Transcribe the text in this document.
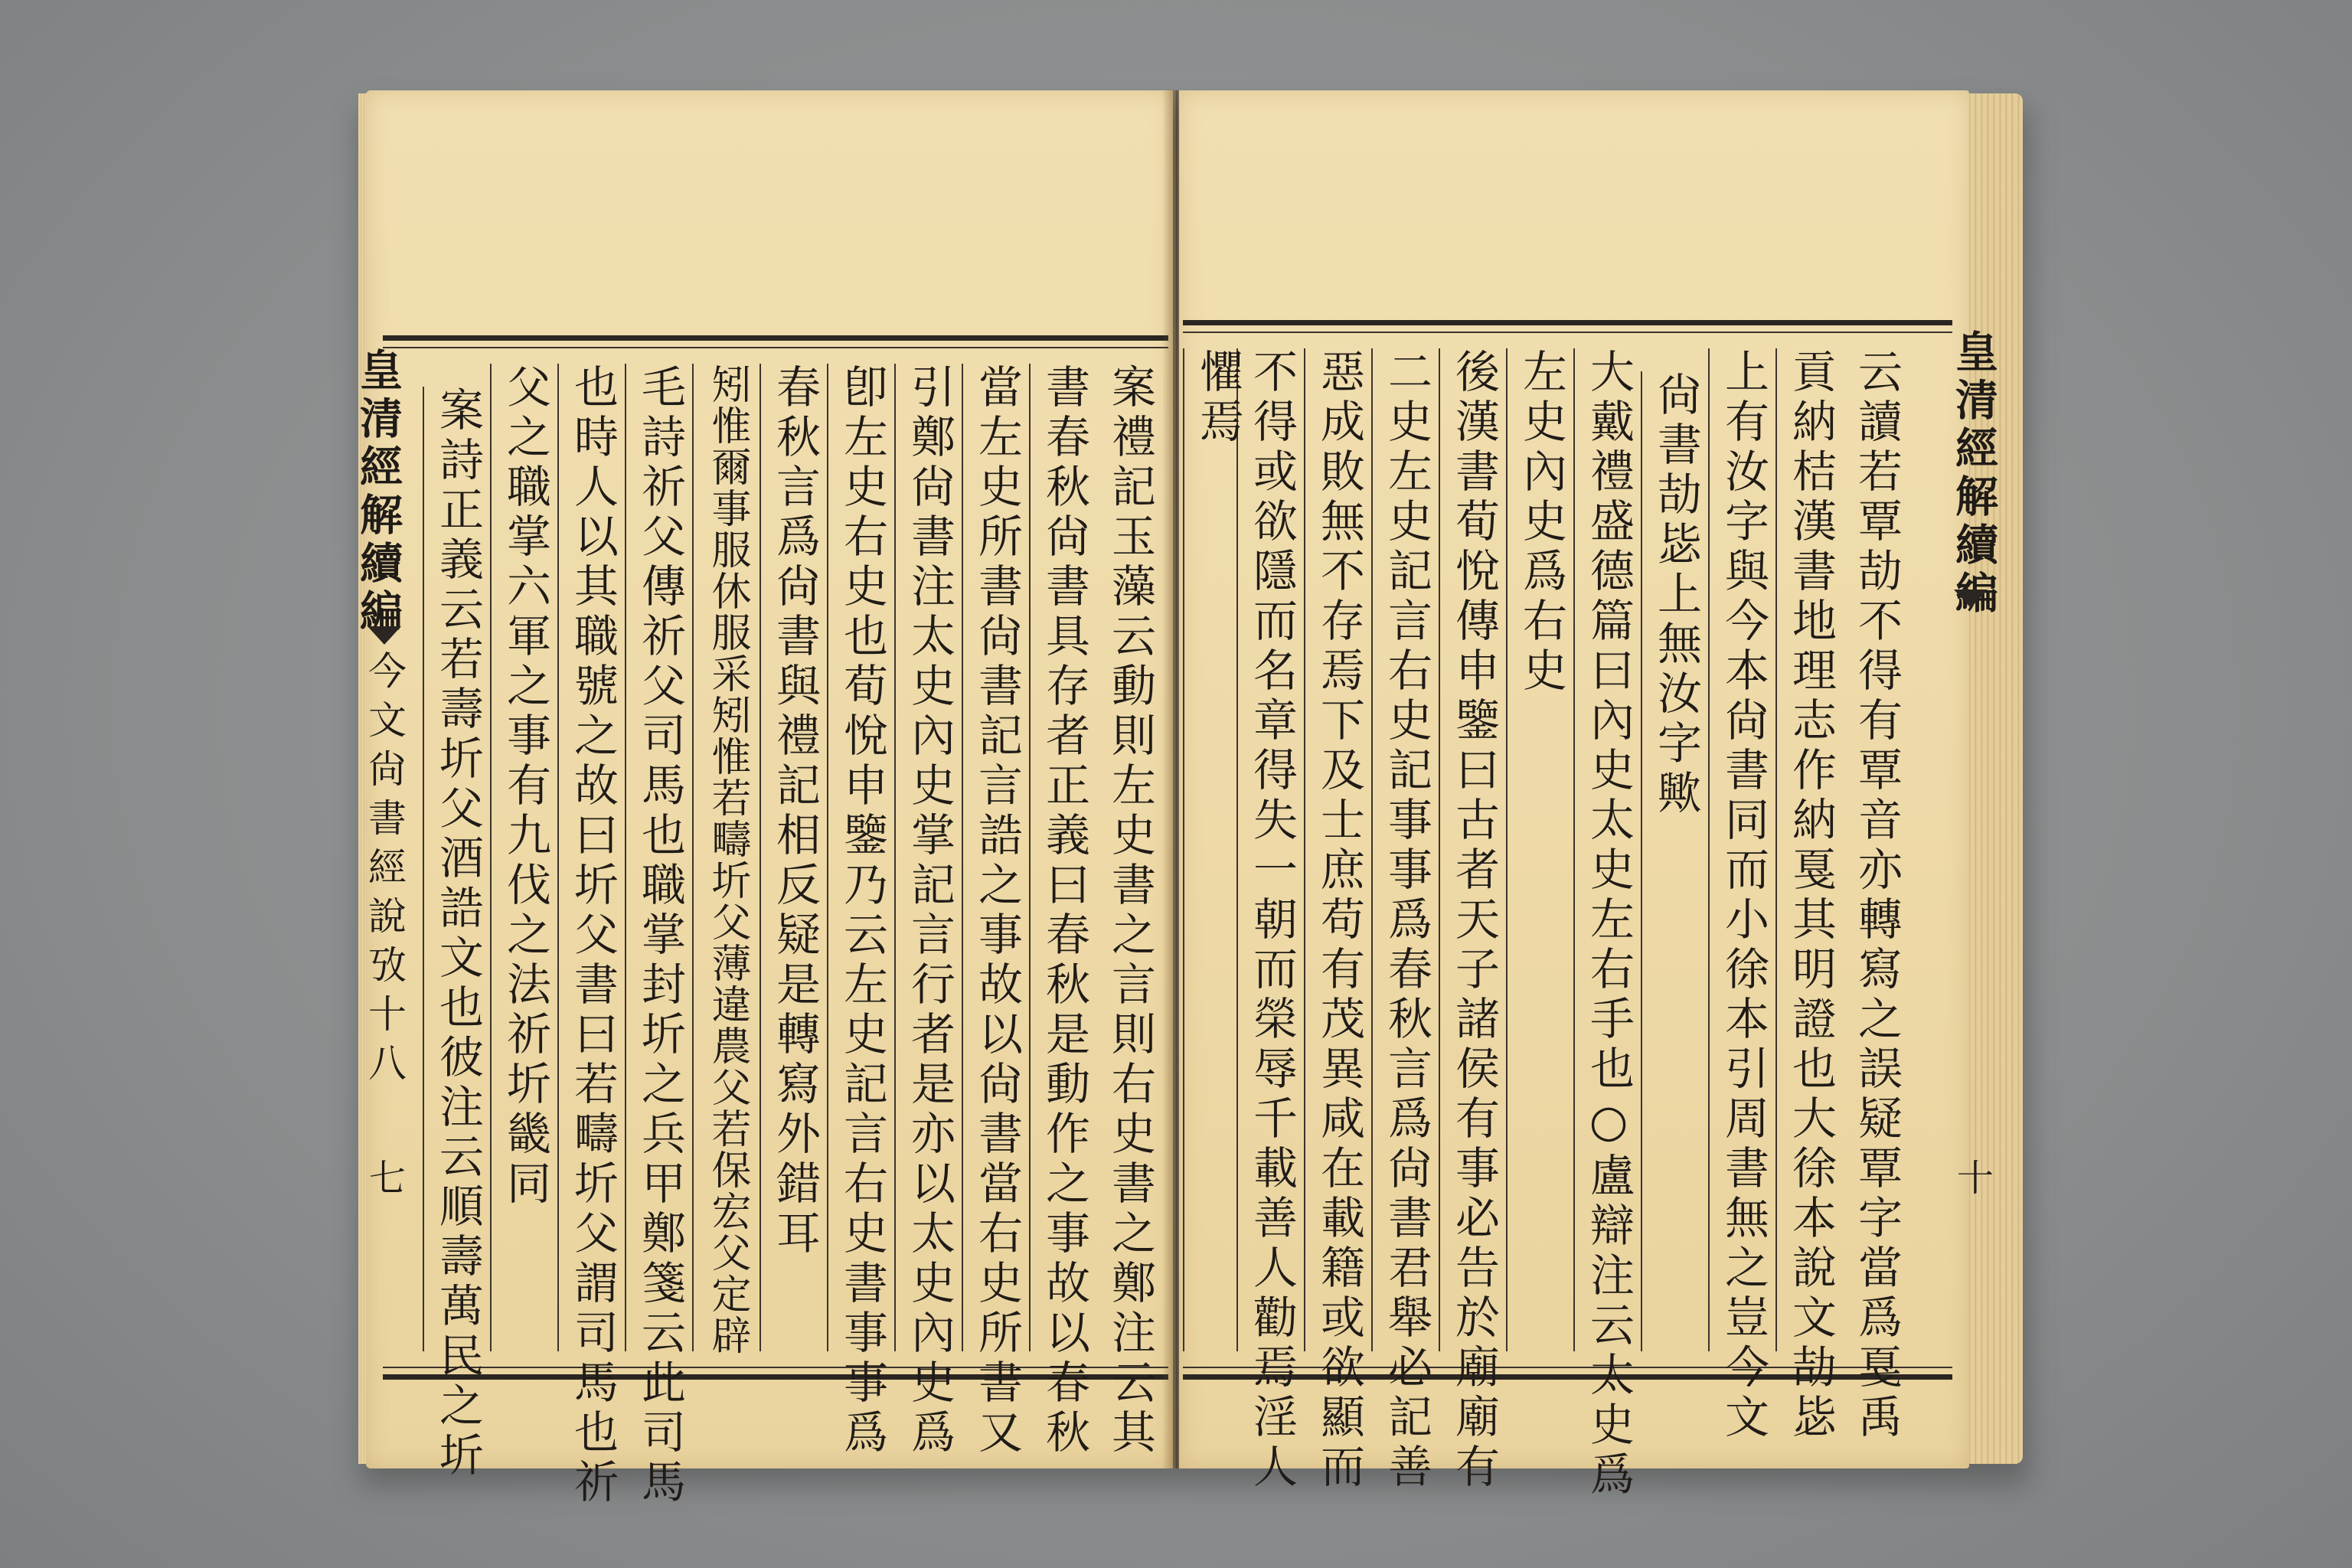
案禮記玉藻云動則左史書之言則右史書之鄭注云其
書春秋尙書具存者正義曰春秋是動作之事故以春秋
當左史所書尙書記言誥之事故以尙書當右史所書又
引鄭尙書注太史內史掌記言行者是亦以太史內史爲
卽左史右史也荀悅申鑒乃云左史記言右史書事事爲
春秋言爲尙書與禮記相反疑是轉寫外錯耳
矧惟爾事服休服采矧惟若疇圻父薄違農父若保宏父定辟
毛詩祈父傳祈父司馬也職掌封圻之兵甲鄭箋云此司馬
也時人以其職號之故曰圻父書曰若疇圻父謂司馬也祈
父之職掌六軍之事有九伐之法祈圻畿同
案詩正義云若壽圻父酒誥文也彼注云順壽萬民之圻
皇清經解續編
今文尙書經說攷十八
七	云讀若覃劼不得有覃音亦轉寫之誤疑覃字當爲戛禹
貢納桔漢書地理志作納戛其明證也大徐本說文劼毖
上有汝字與今本尙書同而小徐本引周書無之豈今文
尙書劼毖上無汝字歟
大戴禮盛德篇曰內史太史左右手也○盧辯注云太史爲
左史內史爲右史
後漢書荀悅傳申鑒曰古者天子諸侯有事必告於廟廟有
二史左史記言右史記事事爲春秋言爲尙書君舉必記善
惡成敗無不存焉下及士庶苟有茂異咸在載籍或欲顯而
不得或欲隱而名章得失一朝而榮辱千載善人勸焉淫人
懼焉	皇清經解續編
十
